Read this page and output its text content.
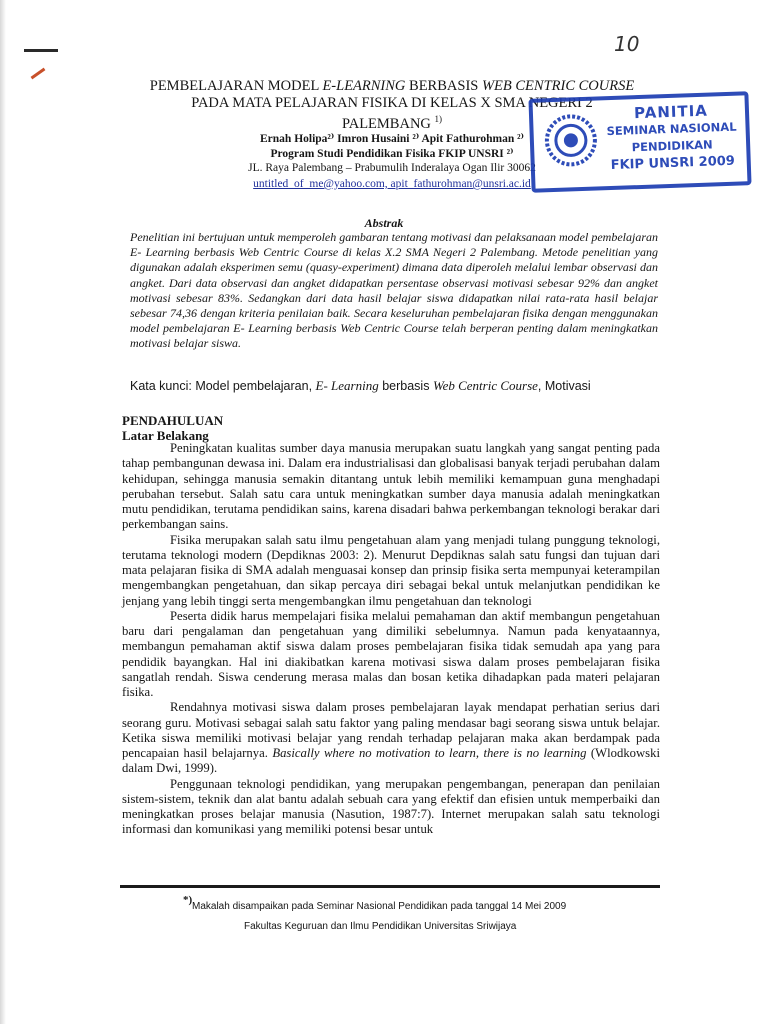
10
PEMBELAJARAN MODEL E-LEARNING BERBASIS WEB CENTRIC COURSE
PADA MATA PELAJARAN FISIKA DI KELAS X SMA NEGERI 2
PALEMBANG $^{1)}$
Ernah Holipa²⁾ Imron Husaini ²⁾ Apit Fathurohman ²⁾
Program Studi Pendidikan Fisika FKIP UNSRI ²⁾
JL. Raya Palembang – Prabumulih Inderalaya Ogan Ilir 30062
untitled_of_me@yahoo.com, apit_fathurohman@unsri.ac.id
PANITIA
SEMINAR NASIONAL
PENDIDIKAN
FKIP UNSRI 2009
Abstrak

Penelitian ini bertujuan untuk memperoleh gambaran tentang motivasi dan pelaksanaan model pembelajaran E- Learning berbasis Web Centric Course di kelas X.2 SMA Negeri 2 Palembang. Metode penelitian yang digunakan adalah eksperimen semu (quasy-experiment) dimana data diperoleh melalui lembar observasi dan angket. Dari data observasi dan angket didapatkan persentase observasi motivasi sebesar 92% dan angket motivasi sebesar 83%. Sedangkan dari data hasil belajar siswa didapatkan nilai rata-rata hasil belajar sebesar 74,36 dengan kriteria penilaian baik. Secara keseluruhan pembelajaran fisika dengan menggunakan model pembelajaran E- Learning berbasis Web Centric Course telah berperan penting dalam meningkatkan motivasi belajar siswa.

Kata kunci: Model pembelajaran, E- Learning berbasis Web Centric Course, Motivasi
PENDAHULUAN
Latar Belakang

Peningkatan kualitas sumber daya manusia merupakan suatu langkah yang sangat penting pada tahap pembangunan dewasa ini. Dalam era industrialisasi dan globalisasi banyak terjadi perubahan dalam kehidupan, sehingga manusia semakin ditantang untuk lebih memiliki kemampuan guna menghadapi perubahan tersebut. Salah satu cara untuk meningkatkan sumber daya manusia adalah meningkatkan mutu pendidikan, terutama pendidikan sains, karena disadari bahwa perkembangan teknologi berakar dari perkembangan sains.

Fisika merupakan salah satu ilmu pengetahuan alam yang menjadi tulang punggung teknologi, terutama teknologi modern (Depdiknas 2003: 2). Menurut Depdiknas salah satu fungsi dan tujuan dari mata pelajaran fisika di SMA adalah menguasai konsep dan prinsip fisika serta mempunyai keterampilan mengembangkan pengetahuan, dan sikap percaya diri sebagai bekal untuk melanjutkan pendidikan ke jenjang yang lebih tinggi serta mengembangkan ilmu pengetahuan dan teknologi

Peserta didik harus mempelajari fisika melalui pemahaman dan aktif membangun pengetahuan baru dari pengalaman dan pengetahuan yang dimiliki sebelumnya. Namun pada kenyataannya, membangun pemahaman aktif siswa dalam proses pembelajaran fisika tidak semudah apa yang para pendidik bayangkan. Hal ini diakibatkan karena motivasi siswa dalam proses pembelajaran fisika sangatlah rendah. Siswa cenderung merasa malas dan bosan ketika dihadapkan pada materi pelajaran fisika.

Rendahnya motivasi siswa dalam proses pembelajaran layak mendapat perhatian serius dari seorang guru. Motivasi sebagai salah satu faktor yang paling mendasar bagi seorang siswa untuk belajar. Ketika siswa memiliki motivasi belajar yang rendah terhadap pelajaran maka akan berdampak pada pencapaian hasil belajarnya. Basically where no motivation to learn, there is no learning (Wlodkowski dalam Dwi, 1999).

Penggunaan teknologi pendidikan, yang merupakan pengembangan, penerapan dan penilaian sistem-sistem, teknik dan alat bantu adalah sebuah cara yang efektif dan efisien untuk memperbaiki dan meningkatkan proses belajar manusia (Nasution, 1987:7). Internet merupakan salah satu teknologi informasi dan komunikasi yang memiliki potensi besar untuk

*)
Makalah disampaikan pada Seminar Nasional Pendidikan pada tanggal 14 Mei 2009
Fakultas Keguruan dan Ilmu Pendidikan Universitas Sriwijaya
